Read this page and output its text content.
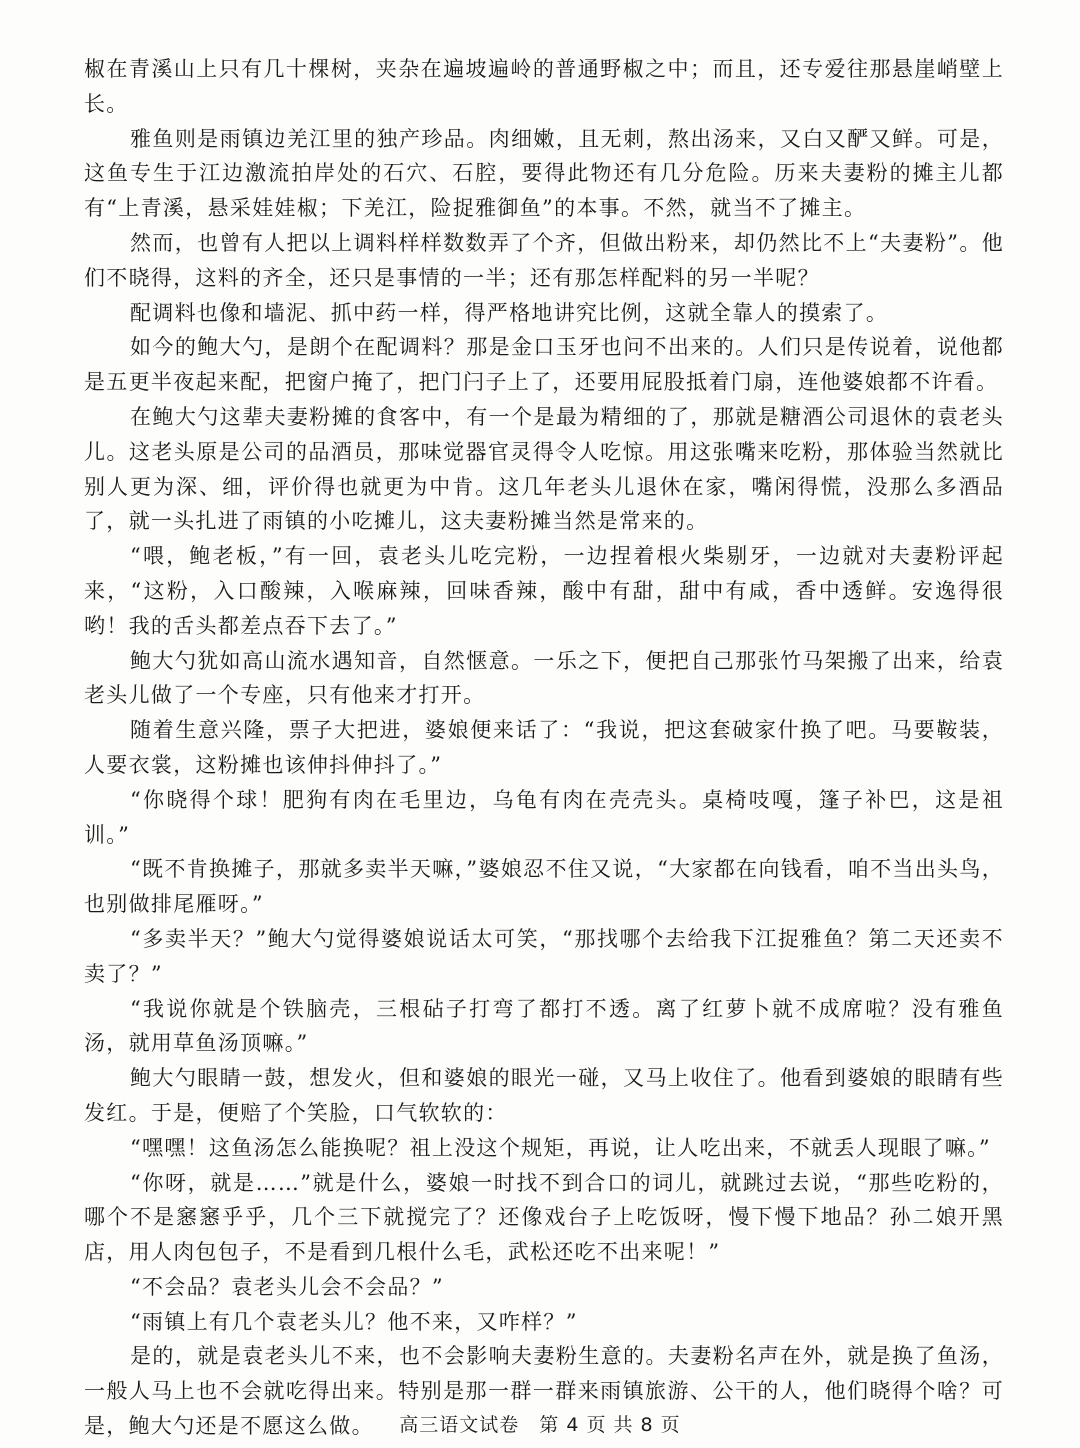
椒在青溪山上只有几十棵树，夹杂在遍坡遍岭的普通野椒之中；而且，还专爱往那悬崖峭壁上长。

雅鱼则是雨镇边羌江里的独产珍品。肉细嫩，且无刺，熬出汤来，又白又酽又鲜。可是，这鱼专生于江边激流拍岸处的石穴、石腔，要得此物还有几分危险。历来夫妻粉的摊主儿都有“上青溪，悬采娃娃椒；下羌江，险捉雅御鱼”的本事。不然，就当不了摊主。

然而，也曾有人把以上调料样样数数弄了个齐，但做出粉来，却仍然比不上“夫妻粉”。他们不晓得，这料的齐全，还只是事情的一半；还有那怎样配料的另一半呢？

配调料也像和墙泥、抓中药一样，得严格地讲究比例，这就全靠人的摸索了。

如今的鲍大勺，是朗个在配调料？那是金口玉牙也问不出来的。人们只是传说着，说他都是五更半夜起来配，把窗户掩了，把门闩子上了，还要用屁股抵着门扇，连他婆娘都不许看。

在鲍大勺这辈夫妻粉摊的食客中，有一个是最为精细的了，那就是糖酒公司退休的袁老头儿。这老头原是公司的品酒员，那味觉器官灵得令人吃惊。用这张嘴来吃粉，那体验当然就比别人更为深、细，评价得也就更为中肯。这几年老头儿退休在家，嘴闲得慌，没那么多酒品了，就一头扎进了雨镇的小吃摊儿，这夫妻粉摊当然是常来的。

“喂，鲍老板，”有一回，袁老头儿吃完粉，一边捏着根火柴剔牙，一边就对夫妻粉评起来，“这粉，入口酸辣，入喉麻辣，回味香辣，酸中有甜，甜中有咸，香中透鲜。安逸得很哟！我的舌头都差点吞下去了。”

鲍大勺犹如高山流水遇知音，自然惬意。一乐之下，便把自己那张竹马架搬了出来，给袁老头儿做了一个专座，只有他来才打开。

随着生意兴隆，票子大把进，婆娘便来话了：“我说，把这套破家什换了吧。马要鞍装，人要衣裳，这粉摊也该伸抖伸抖了。”

“你晓得个球！肥狗有肉在毛里边，乌龟有肉在壳壳头。桌椅吱嘎，篷子补巴，这是祖训。”

“既不肯换摊子，那就多卖半天嘛，”婆娘忍不住又说，“大家都在向钱看，咱不当出头鸟，也别做排尾雁呀。”

“多卖半天？”鲍大勺觉得婆娘说话太可笑，“那找哪个去给我下江捉雅鱼？第二天还卖不卖了？”

“我说你就是个铁脑壳，三根砧子打弯了都打不透。离了红萝卜就不成席啦？没有雅鱼汤，就用草鱼汤顶嘛。”

鲍大勺眼睛一鼓，想发火，但和婆娘的眼光一碰，又马上收住了。他看到婆娘的眼睛有些发红。于是，便赔了个笑脸，口气软软的：

“嘿嘿！这鱼汤怎么能换呢？祖上没这个规矩，再说，让人吃出来，不就丢人现眼了嘛。”

“你呀，就是……”就是什么，婆娘一时找不到合口的词儿，就跳过去说，“那些吃粉的，哪个不是窸窸乎乎，几个三下就搅完了？还像戏台子上吃饭呀，慢下慢下地品？孙二娘开黑店，用人肉包包子，不是看到几根什么毛，武松还吃不出来呢！”

“不会品？袁老头儿会不会品？”

“雨镇上有几个袁老头儿？他不来，又咋样？”

是的，就是袁老头儿不来，也不会影响夫妻粉生意的。夫妻粉名声在外，就是换了鱼汤，一般人马上也不会就吃得出来。特别是那一群一群来雨镇旅游、公干的人，他们晓得个啥？可是，鲍大勺还是不愿这么做。	高三语文试卷　第 4 页 共 8 页
